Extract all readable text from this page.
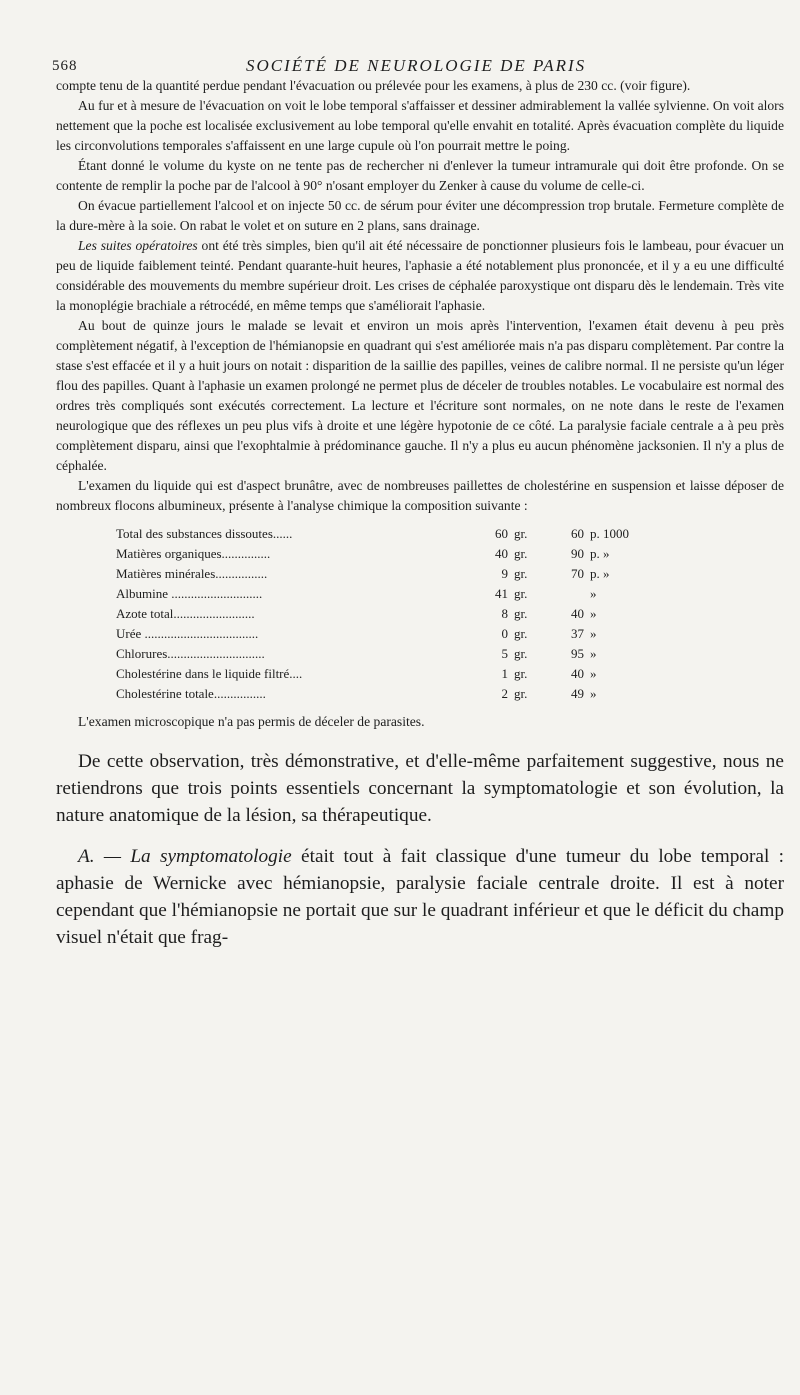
568	SOCIÉTÉ DE NEUROLOGIE DE PARIS

compte tenu de la quantité perdue pendant l'évacuation ou prélevée pour les examens, à plus de 230 cc. (voir figure).

Au fur et à mesure de l'évacuation on voit le lobe temporal s'affaisser et dessiner admirablement la vallée sylvienne. On voit alors nettement que la poche est localisée exclusivement au lobe temporal qu'elle envahit en totalité. Après évacuation complète du liquide les circonvolutions temporales s'affaissent en une large cupule où l'on pourrait mettre le poing.

Étant donné le volume du kyste on ne tente pas de rechercher ni d'enlever la tumeur intramurale qui doit être profonde. On se contente de remplir la poche par de l'alcool à 90° n'osant employer du Zenker à cause du volume de celle-ci.

On évacue partiellement l'alcool et on injecte 50 cc. de sérum pour éviter une décompression trop brutale. Fermeture complète de la dure-mère à la soie. On rabat le volet et on suture en 2 plans, sans drainage.

Les suites opératoires ont été très simples, bien qu'il ait été nécessaire de ponctionner plusieurs fois le lambeau, pour évacuer un peu de liquide faiblement teinté. Pendant quarante-huit heures, l'aphasie a été notablement plus prononcée, et il y a eu une difficulté considérable des mouvements du membre supérieur droit. Les crises de céphalée paroxystique ont disparu dès le lendemain. Très vite la monoplégie brachiale a rétrocédé, en même temps que s'améliorait l'aphasie.

Au bout de quinze jours le malade se levait et environ un mois après l'intervention, l'examen était devenu à peu près complètement négatif, à l'exception de l'hémianopsie en quadrant qui s'est améliorée mais n'a pas disparu complètement. Par contre la stase s'est effacée et il y a huit jours on notait : disparition de la saillie des papilles, veines de calibre normal. Il ne persiste qu'un léger flou des papilles. Quant à l'aphasie un examen prolongé ne permet plus de déceler de troubles notables. Le vocabulaire est normal des ordres très compliqués sont exécutés correctement. La lecture et l'écriture sont normales, on ne note dans le reste de l'examen neurologique que des réflexes un peu plus vifs à droite et une légère hypotonie de ce côté. La paralysie faciale centrale a à peu près complètement disparu, ainsi que l'exophtalmie à prédominance gauche. Il n'y a plus eu aucun phénomène jacksonien. Il n'y a plus de céphalée.

L'examen du liquide qui est d'aspect brunâtre, avec de nombreuses paillettes de cholestérine en suspension et laisse déposer de nombreux flocons albumineux, présente à l'analyse chimique la composition suivante :

Total des substances dissoutes......	60	gr.	60	p. 1000
Matières organiques...............	40	gr.	90	p. »
Matières minérales................	9	gr.	70	p. »
Albumine ............................	41	gr.		»
Azote total.........................	8	gr.	40	»
Urée ...................................	0	gr.	37	»
Chlorures..............................	5	gr.	95	»
Cholestérine dans le liquide filtré....	1	gr.	40	»
Cholestérine totale................	2	gr.	49	»

L'examen microscopique n'a pas permis de déceler de parasites.

De cette observation, très démonstrative, et d'elle-même parfaitement suggestive, nous ne retiendrons que trois points essentiels concernant la symptomatologie et son évolution, la nature anatomique de la lésion, sa thérapeutique.

A. — La symptomatologie était tout à fait classique d'une tumeur du lobe temporal : aphasie de Wernicke avec hémianopsie, paralysie faciale centrale droite. Il est à noter cependant que l'hémianopsie ne portait que sur le quadrant inférieur et que le déficit du champ visuel n'était que frag-
